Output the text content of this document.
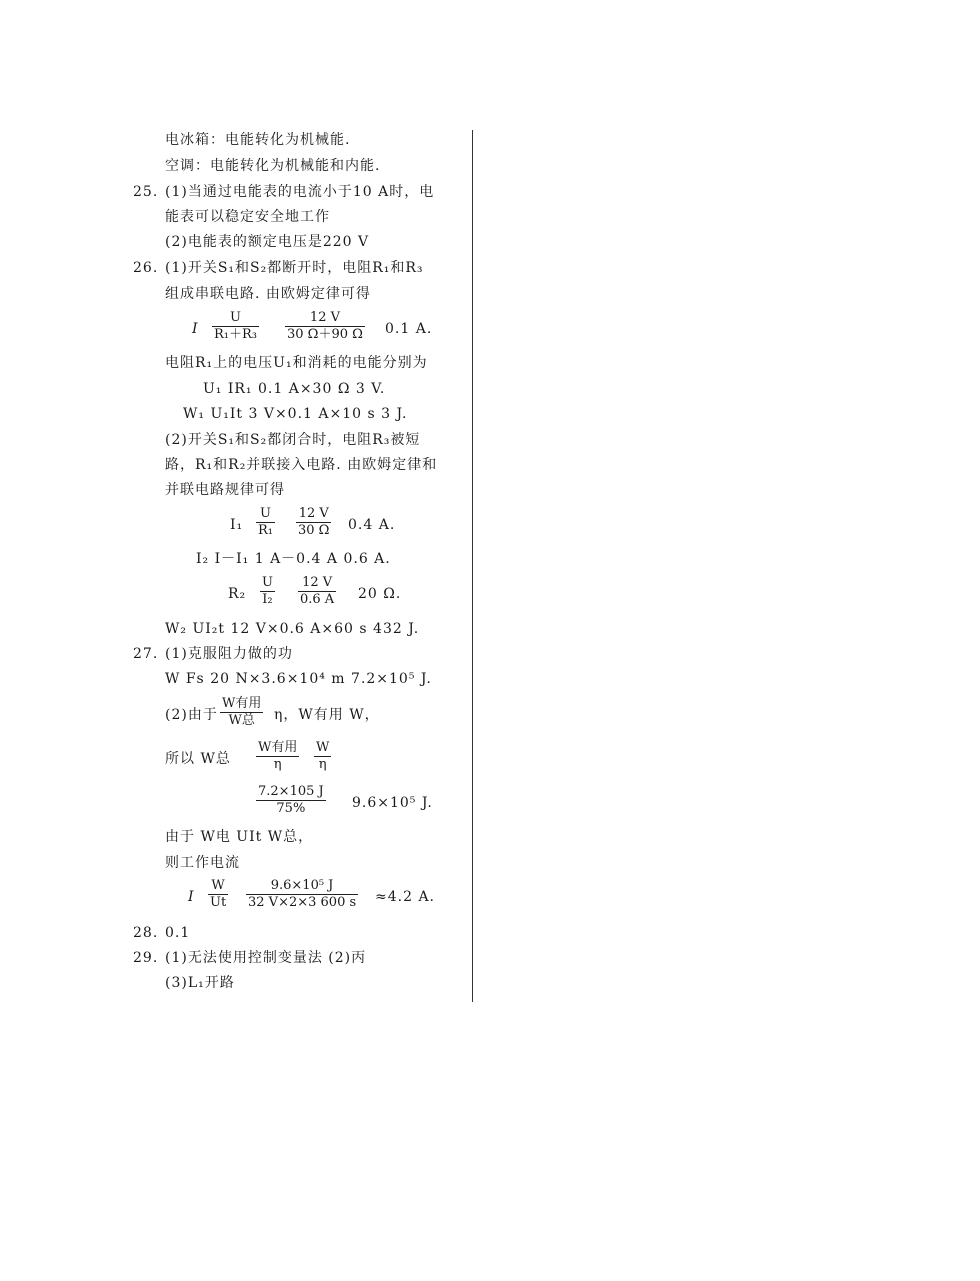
电冰箱：电能转化为机械能.
空调：电能转化为机械能和内能.
25. (1)当通过电能表的电流小于10 A时，电
能表可以稳定安全地工作
(2)电能表的额定电压是220 V
26. (1)开关S₁和S₂都断开时，电阻R₁和R₃
组成串联电路. 由欧姆定律可得
I
U
R₁＋R₃
12 V
30 Ω＋90 Ω 0.1 A.
电阻R₁上的电压U₁和消耗的电能分别为
U₁ IR₁ 0.1 A×30 Ω 3 V.
W₁ U₁It 3 V×0.1 A×10 s 3 J.
(2)开关S₁和S₂都闭合时，电阻R₃被短
路，R₁和R₂并联接入电路. 由欧姆定律和
并联电路规律可得
I₁
U
R₁
12 V
30 Ω 0.4 A.
I₂ I－I₁ 1 A－0.4 A 0.6 A.
R₂
U
I₂
12 V
0.6 A 20 Ω.
W₂ UI₂t 12 V×0.6 A×60 s 432 J.
27. (1)克服阻力做的功
W Fs 20 N×3.6×10⁴ m 7.2×10⁵ J.
(2)由于
W有用
W总 η，W有用 W，
所以 W总
W有用
η
W
η
7.2×105 J
75%	9.6×10⁵ J.
由于 W电 UIt W总，
则工作电流
I
W
Ut
9.6×10⁵ J
32 V×2×3 600 s ≈4.2 A.
28. 0.1
29. (1)无法使用控制变量法 (2)丙
(3)L₁开路
